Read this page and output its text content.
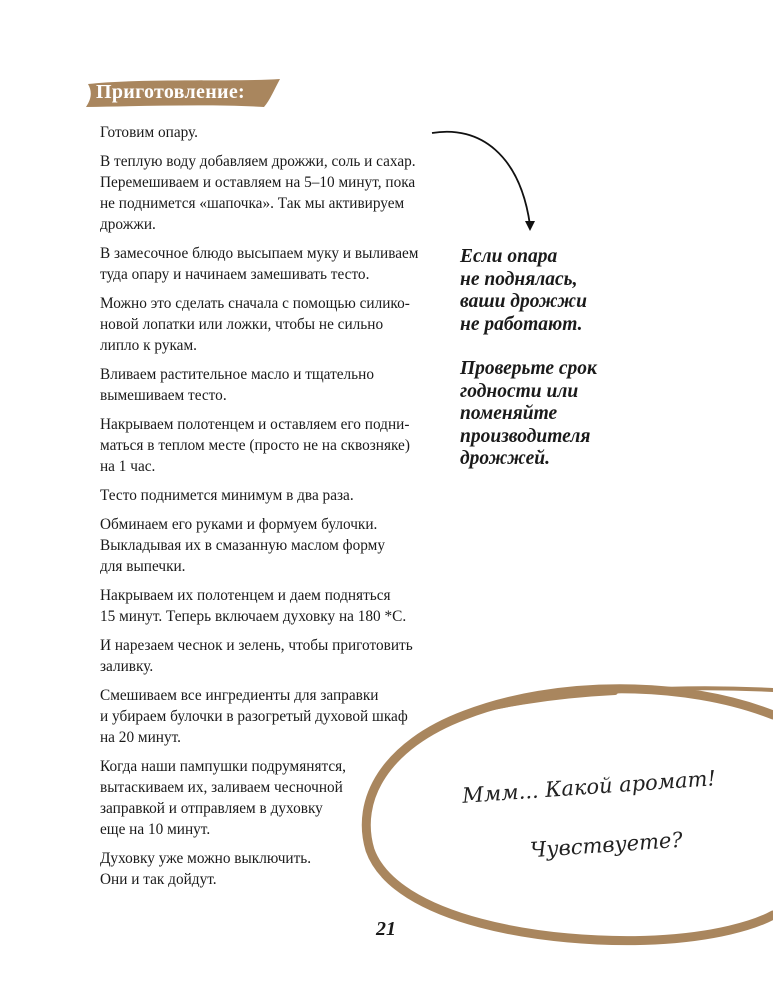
Приготовление:

Готовим опару.

В теплую воду добавляем дрожжи, соль и сахар.
Перемешиваем и оставляем на 5–10 минут, пока
не поднимется «шапочка». Так мы активируем
дрожжи.

В замесочное блюдо высыпаем муку и выливаем
туда опару и начинаем замешивать тесто.

Можно это сделать сначала с помощью силико-
новой лопатки или ложки, чтобы не сильно
липло к рукам.

Вливаем растительное масло и тщательно
вымешиваем тесто.

Накрываем полотенцем и оставляем его подни-
маться в теплом месте (просто не на сквозняке)
на 1 час.

Тесто поднимется минимум в два раза.

Обминаем его руками и формуем булочки.
Выкладывая их в смазанную маслом форму
для выпечки.

Накрываем их полотенцем и даем подняться
15 минут. Теперь включаем духовку на 180 *С.

И нарезаем чеснок и зелень, чтобы приготовить
заливку.

Смешиваем все ингредиенты для заправки
и убираем булочки в разогретый духовой шкаф
на 20 минут.

Когда наши пампушки подрумянятся,
вытаскиваем их, заливаем чесночной
заправкой и отправляем в духовку
еще на 10 минут.

Духовку уже можно выключить.
Они и так дойдут.

Если опара
не поднялась,
ваши дрожжи
не работают.

Проверьте срок
годности или
поменяйте
производителя
дрожжей.

Ммм... Какой аромат!
Чувствуете?
21
